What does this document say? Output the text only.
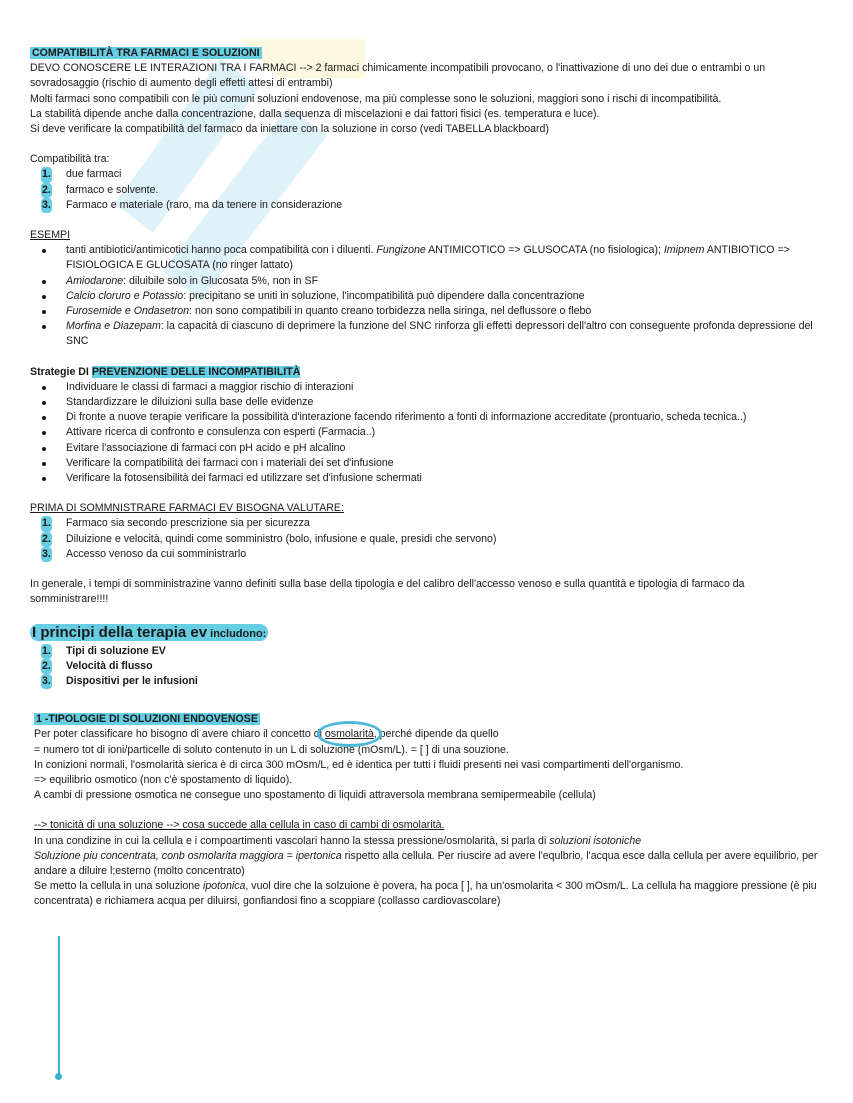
COMPATIBILITÀ TRA FARMACI E SOLUZIONI

DEVO CONOSCERE LE INTERAZIONI TRA I FARMACI --> 2 farmaci chimicamente incompatibili provocano, o l'inattivazione di uno dei due o entrambi o un sovradosaggio (rischio di aumento degli effetti attesi di entrambi)

Molti farmaci sono compatibili con le più comuni soluzioni endovenose, ma più complesse sono le soluzioni, maggiori sono i rischi di incompatibilità.

La stabilità dipende anche dalla concentrazione, dalla sequenza di miscelazioni e dai fattori fisici (es. temperatura e luce).

Si deve verificare la compatibilità del farmaco da iniettare con la soluzione in corso (vedi TABELLA blackboard)

Compatibilità tra:

1. due farmaci
2. farmaco e solvente.
3. Farmaco e materiale (raro, ma da tenere in considerazione

ESEMPI

tanti antibiotici/antimicotici hanno poca compatibilità con i diluenti. Fungizone ANTIMICOTICO => GLUSOCATA (no fisiologica); Imipnem ANTIBIOTICO => FISIOLOGICA E GLUCOSATA (no ringer lattato)
Amiodarone: diluibile solo in Glucosata 5%, non in SF
Calcio cloruro e Potassio: precipitano se uniti in soluzione, l'incompatibilità può dipendere dalla concentrazione
Furosemide e Ondasetron: non sono compatibili in quanto creano torbidezza nella siringa, nel deflussore o flebo
Morfina e Diazepam: la capacità di ciascuno di deprimere la funzione del SNC rinforza gli effetti depressori dell'altro con conseguente profonda depressione del SNC

Strategie DI PREVENZIONE DELLE INCOMPATIBILITÀ

Individuare le classi di farmaci a maggior rischio di interazioni
Standardizzare le diluizioni sulla base delle evidenze
Di fronte a nuove terapie verificare la possibilità d'interazione facendo riferimento a fonti di informazione accreditate (prontuario, scheda tecnica..)
Attivare ricerca di confronto e consulenza con esperti (Farmacia..)
Evitare l'associazione di farmaci con pH acido e pH alcalino
Verificare la compatibilità dei farmaci con i materiali dei set d'infusione
Verificare la fotosensibilità dei farmaci ed utilizzare set d'infusione schermati

PRIMA DI SOMMNISTRARE FARMACI EV BISOGNA VALUTARE:

1. Farmaco sia secondo prescrizione sia per sicurezza
2. Diluizione e velocità, quindi come somministro (bolo, infusione e quale, presidi che servono)
3. Accesso venoso da cui somministrarlo

In generale, i tempi di somministrazine vanno definiti sulla base della tipologia e del calibro dell'accesso venoso e sulla quantità e tipologia di farmaco da somministrare!!!!

I principi della terapia ev includono:

1. Tipi di soluzione EV
2. Velocità di flusso
3. Dispositivi per le infusioni

1 -TIPOLOGIE DI SOLUZIONI ENDOVENOSE

Per poter classificare ho bisogno di avere chiaro il concetto di osmolarità, perché dipende da quello

= numero tot di ioni/particelle di soluto contenuto in un L di soluzione (mOsm/L). = [ ] di una souzione.

In conizioni normali, l'osmolarità sierica è di circa 300 mOsm/L, ed è identica per tutti i fluidi presenti nei vasi compartimenti dell'organismo.

=> equilibrio osmotico (non c'è spostamento di liquido).

A cambi di pressione osmotica ne consegue uno spostamento di liquidi attraversola membrana semipermeabile (cellula)

--> tonicità di una soluzione --> cosa succede alla cellula in caso di cambi di osmolarità.

In una condizine in cui la cellula e i compoartimenti vascolari hanno la stessa pressione/osmolarità, si parla di soluzioni isotoniche

Soluzione piu concentrata, conb osmolarita maggiora = ipertonica rispetto alla cellula. Per riuscire ad avere l'equlbrio, l'acqua esce dalla cellula per avere equilibrio, per andare a diluire l;esterno (molto concentrato)

Se metto la cellula in una soluzione ipotonica, vuol dire che la solzuione è povera, ha poca [ ], ha un'osmolarita < 300 mOsm/L. La cellula ha maggiore pressione (è piu concentrata) e richiamera acqua per diluirsi, gonfiandosi fino a scoppiare (collasso cardiovascolare)
